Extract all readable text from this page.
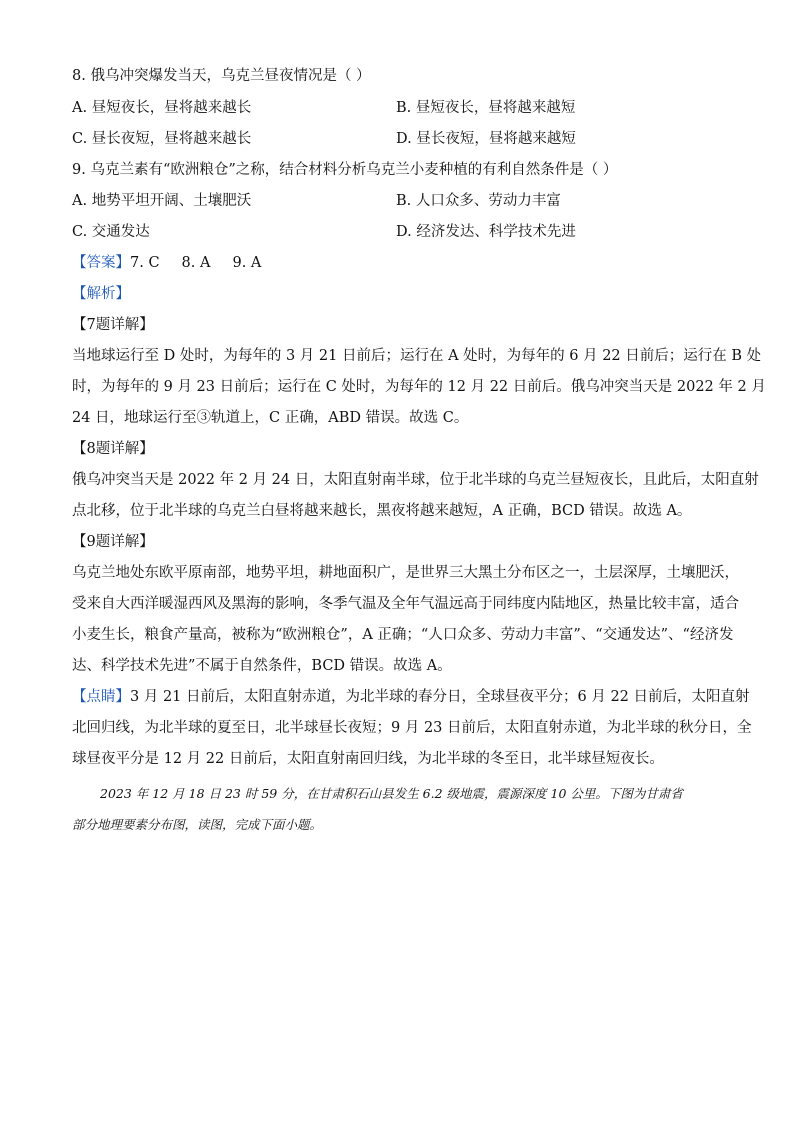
8. 俄乌冲突爆发当天，乌克兰昼夜情况是（ ）
A. 昼短夜长，昼将越来越长	B. 昼短夜长，昼将越来越短
C. 昼长夜短，昼将越来越长	D. 昼长夜短，昼将越来越短
9. 乌克兰素有“欧洲粮仓”之称，结合材料分析乌克兰小麦种植的有利自然条件是（ ）
A. 地势平坦开阔、土壤肥沃	B. 人口众多、劳动力丰富
C. 交通发达	D. 经济发达、科学技术先进
【答案】7. C 8. A 9. A
【解析】
【7题详解】
当地球运行至 D 处时，为每年的 3 月 21 日前后；运行在 A 处时，为每年的 6 月 22 日前后；运行在 B 处
时，为每年的 9 月 23 日前后；运行在 C 处时，为每年的 12 月 22 日前后。俄乌冲突当天是 2022 年 2 月
24 日，地球运行至③轨道上，C 正确，ABD 错误。故选 C。
【8题详解】
俄乌冲突当天是 2022 年 2 月 24 日，太阳直射南半球，位于北半球的乌克兰昼短夜长，且此后，太阳直射
点北移，位于北半球的乌克兰白昼将越来越长，黑夜将越来越短，A 正确，BCD 错误。故选 A。
【9题详解】
乌克兰地处东欧平原南部，地势平坦，耕地面积广，是世界三大黑土分布区之一，土层深厚，土壤肥沃，
受来自大西洋暖湿西风及黑海的影响，冬季气温及全年气温远高于同纬度内陆地区，热量比较丰富，适合
小麦生长，粮食产量高，被称为“欧洲粮仓”，A 正确；“人口众多、劳动力丰富”、“交通发达”、“经济发
达、科学技术先进”不属于自然条件，BCD 错误。故选 A。
【点睛】3 月 21 日前后，太阳直射赤道，为北半球的春分日，全球昼夜平分；6 月 22 日前后，太阳直射
北回归线，为北半球的夏至日，北半球昼长夜短；9 月 23 日前后，太阳直射赤道，为北半球的秋分日，全
球昼夜平分是 12 月 22 日前后，太阳直射南回归线，为北半球的冬至日，北半球昼短夜长。
2023 年 12 月 18 日 23 时 59 分，在甘肃积石山县发生 6.2 级地震，震源深度 10 公里。下图为甘肃省
部分地理要素分布图，读图，完成下面小题。
